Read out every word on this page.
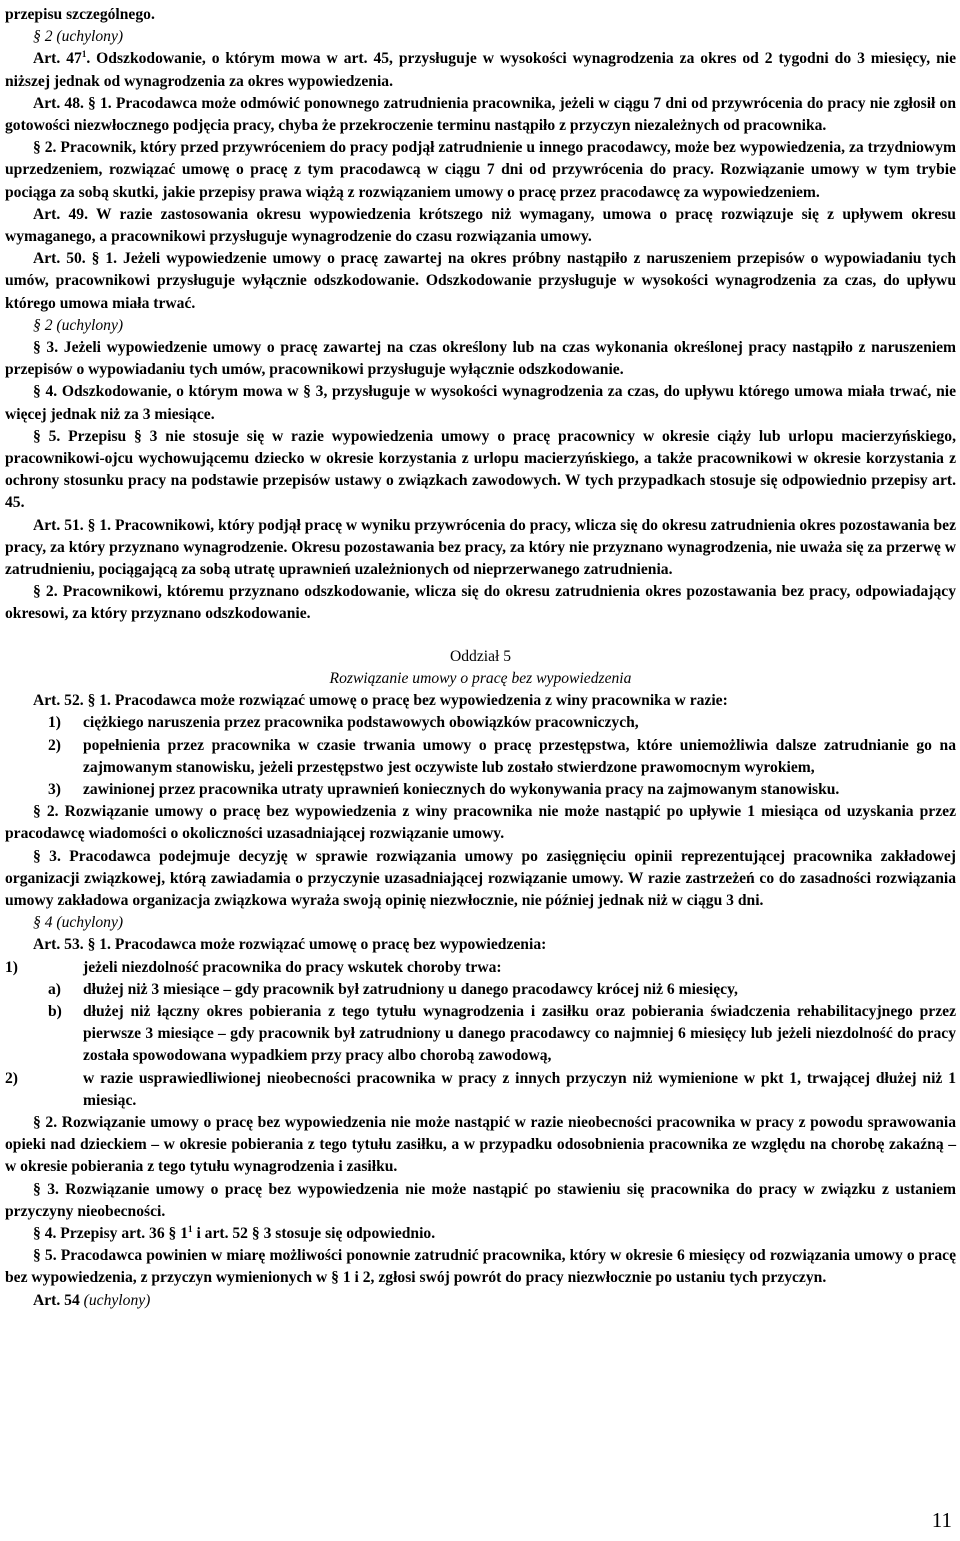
przepisu szczególnego.

§ 2 (uchylony)

Art. $47^1$. Odszkodowanie, o którym mowa w art. 45, przysługuje w wysokości wynagrodzenia za okres od 2 tygodni do 3 miesięcy, nie niższej jednak od wynagrodzenia za okres wypowiedzenia.

Art. 48. § 1. Pracodawca może odmówić ponownego zatrudnienia pracownika, jeżeli w ciągu 7 dni od przywrócenia do pracy nie zgłosił on gotowości niezwłocznego podjęcia pracy, chyba że przekroczenie terminu nastąpiło z przyczyn niezależnych od pracownika.

§ 2. Pracownik, który przed przywróceniem do pracy podjął zatrudnienie u innego pracodawcy, może bez wypowiedzenia, za trzydniowym uprzedzeniem, rozwiązać umowę o pracę z tym pracodawcą w ciągu 7 dni od przywrócenia do pracy. Rozwiązanie umowy w tym trybie pociąga za sobą skutki, jakie przepisy prawa wiążą z rozwiązaniem umowy o pracę przez pracodawcę za wypowiedzeniem.

Art. 49. W razie zastosowania okresu wypowiedzenia krótszego niż wymagany, umowa o pracę rozwiązuje się z upływem okresu wymaganego, a pracownikowi przysługuje wynagrodzenie do czasu rozwiązania umowy.

Art. 50. § 1. Jeżeli wypowiedzenie umowy o pracę zawartej na okres próbny nastąpiło z naruszeniem przepisów o wypowiadaniu tych umów, pracownikowi przysługuje wyłącznie odszkodowanie. Odszkodowanie przysługuje w wysokości wynagrodzenia za czas, do upływu którego umowa miała trwać.

§ 2 (uchylony)

§ 3. Jeżeli wypowiedzenie umowy o pracę zawartej na czas określony lub na czas wykonania określonej pracy nastąpiło z naruszeniem przepisów o wypowiadaniu tych umów, pracownikowi przysługuje wyłącznie odszkodowanie.

§ 4. Odszkodowanie, o którym mowa w § 3, przysługuje w wysokości wynagrodzenia za czas, do upływu którego umowa miała trwać, nie więcej jednak niż za 3 miesiące.

§ 5. Przepisu § 3 nie stosuje się w razie wypowiedzenia umowy o pracę pracownicy w okresie ciąży lub urlopu macierzyńskiego, pracownikowi-ojcu wychowującemu dziecko w okresie korzystania z urlopu macierzyńskiego, a także pracownikowi w okresie korzystania z ochrony stosunku pracy na podstawie przepisów ustawy o związkach zawodowych. W tych przypadkach stosuje się odpowiednio przepisy art. 45.

Art. 51. § 1. Pracownikowi, który podjął pracę w wyniku przywrócenia do pracy, wlicza się do okresu zatrudnienia okres pozostawania bez pracy, za który przyznano wynagrodzenie. Okresu pozostawania bez pracy, za który nie przyznano wynagrodzenia, nie uważa się za przerwę w zatrudnieniu, pociągającą za sobą utratę uprawnień uzależnionych od nieprzerwanego zatrudnienia.

§ 2. Pracownikowi, któremu przyznano odszkodowanie, wlicza się do okresu zatrudnienia okres pozostawania bez pracy, odpowiadający okresowi, za który przyznano odszkodowanie.

Oddział 5

Rozwiązanie umowy o pracę bez wypowiedzenia

Art. 52. § 1. Pracodawca może rozwiązać umowę o pracę bez wypowiedzenia z winy pracownika w razie:

1) ciężkiego naruszenia przez pracownika podstawowych obowiązków pracowniczych,
2) popełnienia przez pracownika w czasie trwania umowy o pracę przestępstwa, które uniemożliwia dalsze zatrudnianie go na zajmowanym stanowisku, jeżeli przestępstwo jest oczywiste lub zostało stwierdzone prawomocnym wyrokiem,
3) zawinionej przez pracownika utraty uprawnień koniecznych do wykonywania pracy na zajmowanym stanowisku.

§ 2. Rozwiązanie umowy o pracę bez wypowiedzenia z winy pracownika nie może nastąpić po upływie 1 miesiąca od uzyskania przez pracodawcę wiadomości o okoliczności uzasadniającej rozwiązanie umowy.

§ 3. Pracodawca podejmuje decyzję w sprawie rozwiązania umowy po zasięgnięciu opinii reprezentującej pracownika zakładowej organizacji związkowej, którą zawiadamia o przyczynie uzasadniającej rozwiązanie umowy. W razie zastrzeżeń co do zasadności rozwiązania umowy zakładowa organizacja związkowa wyraża swoją opinię niezwłocznie, nie później jednak niż w ciągu 3 dni.

§ 4 (uchylony)

Art. 53. § 1. Pracodawca może rozwiązać umowę o pracę bez wypowiedzenia:

1)	jeżeli niezdolność pracownika do pracy wskutek choroby trwa:
a) dłużej niż 3 miesiące – gdy pracownik był zatrudniony u danego pracodawcy krócej niż 6 miesięcy,
b) dłużej niż łączny okres pobierania z tego tytułu wynagrodzenia i zasiłku oraz pobierania świadczenia rehabilitacyjnego przez pierwsze 3 miesiące – gdy pracownik był zatrudniony u danego pracodawcy co najmniej 6 miesięcy lub jeżeli niezdolność do pracy została spowodowana wypadkiem przy pracy albo chorobą zawodową,
2)	w razie usprawiedliwionej nieobecności pracownika w pracy z innych przyczyn niż wymienione w pkt 1, trwającej dłużej niż 1 miesiąc.

§ 2. Rozwiązanie umowy o pracę bez wypowiedzenia nie może nastąpić w razie nieobecności pracownika w pracy z powodu sprawowania opieki nad dzieckiem – w okresie pobierania z tego tytułu zasiłku, a w przypadku odosobnienia pracownika ze względu na chorobę zakaźną – w okresie pobierania z tego tytułu wynagrodzenia i zasiłku.

§ 3. Rozwiązanie umowy o pracę bez wypowiedzenia nie może nastąpić po stawieniu się pracownika do pracy w związku z ustaniem przyczyny nieobecności.

§ 4. Przepisy art. 36 § $1^1$ i art. 52 § 3 stosuje się odpowiednio.

§ 5. Pracodawca powinien w miarę możliwości ponownie zatrudnić pracownika, który w okresie 6 miesięcy od rozwiązania umowy o pracę bez wypowiedzenia, z przyczyn wymienionych w § 1 i 2, zgłosi swój powrót do pracy niezwłocznie po ustaniu tych przyczyn.

Art. 54 (uchylony)

11
